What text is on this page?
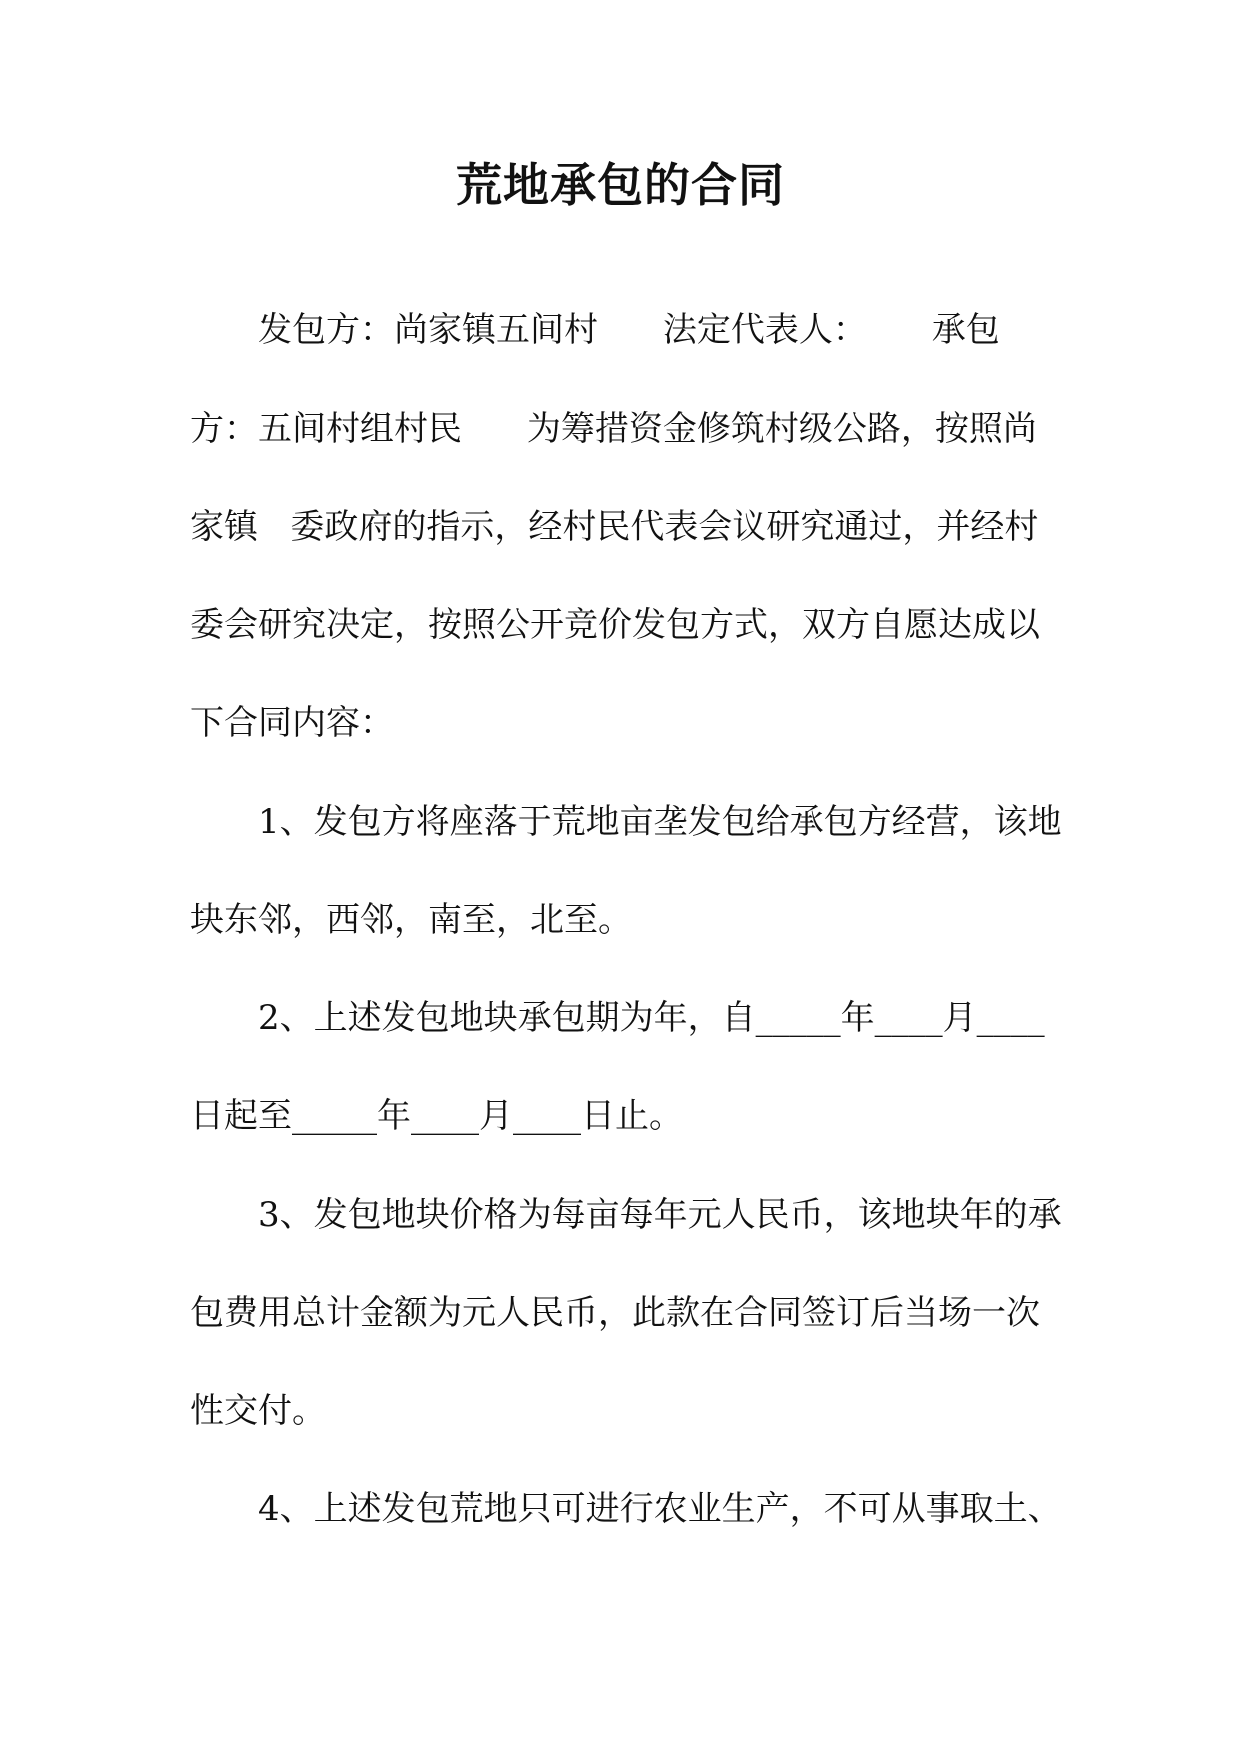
荒地承包的合同
发包方：尚家镇五间村      法定代表人：      承包
方：五间村组村民      为筹措资金修筑村级公路，按照尚
家镇   委政府的指示，经村民代表会议研究通过，并经村
委会研究决定，按照公开竞价发包方式，双方自愿达成以
下合同内容：
1、发包方将座落于荒地亩垄发包给承包方经营，该地
块东邻，西邻，南至，北至。
2、上述发包地块承包期为年，自_____年____月____
日起至_____年____月____日止。
3、发包地块价格为每亩每年元人民币，该地块年的承
包费用总计金额为元人民币，此款在合同签订后当场一次
性交付。
4、上述发包荒地只可进行农业生产，不可从事取土、
